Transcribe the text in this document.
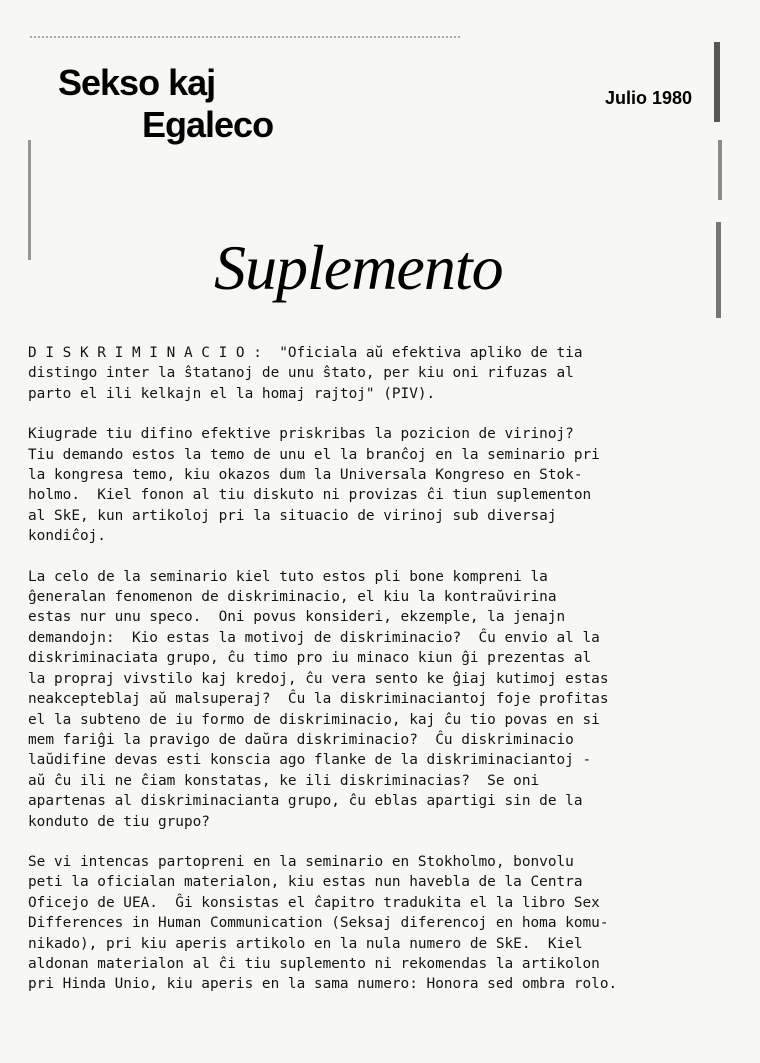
Sekso kaj
Egaleco
Julio 1980
Suplemento
D I S K R I M I N A C I O :  "Oficiala aŭ efektiva apliko de tia
distingo inter la ŝtatanoj de unu ŝtato, per kiu oni rifuzas al
parto el ili kelkajn el la homaj rajtoj" (PIV).
Kiugrade tiu difino efektive priskribas la pozicion de virinoj?
Tiu demando estos la temo de unu el la branĉoj en la seminario pri
la kongresa temo, kiu okazos dum la Universala Kongreso en Stok-
holmo.  Kiel fonon al tiu diskuto ni provizas ĉi tiun suplementon
al SkE, kun artikoloj pri la situacio de virinoj sub diversaj
kondiĉoj.
La celo de la seminario kiel tuto estos pli bone kompreni la
ĝeneralan fenomenon de diskriminacio, el kiu la kontraŭvirina
estas nur unu speco.  Oni povus konsideri, ekzemple, la jenajn
demandojn:  Kio estas la motivoj de diskriminacio?  Ĉu envio al la
diskriminaciata grupo, ĉu timo pro iu minaco kiun ĝi prezentas al
la propraj vivstilo kaj kredoj, ĉu vera sento ke ĝiaj kutimoj estas
neakcepteblaj aŭ malsuperaj?  Ĉu la diskriminaciantoj foje profitas
el la subteno de iu formo de diskriminacio, kaj ĉu tio povas en si
mem fariĝi la pravigo de daŭra diskriminacio?  Ĉu diskriminacio
laŭdifine devas esti konscia ago flanke de la diskriminaciantoj -
aŭ ĉu ili ne ĉiam konstatas, ke ili diskriminacias?  Se oni
apartenas al diskriminacianta grupo, ĉu eblas apartigi sin de la
konduto de tiu grupo?
Se vi intencas partopreni en la seminario en Stokholmo, bonvolu
peti la oficialan materialon, kiu estas nun havebla de la Centra
Oficejo de UEA.  Ĝi konsistas el ĉapitro tradukita el la libro Sex
Differences in Human Communication (Seksaj diferencoj en homa komu-
nikado), pri kiu aperis artikolo en la nula numero de SkE.  Kiel
aldonan materialon al ĉi tiu suplemento ni rekomendas la artikolon
pri Hinda Unio, kiu aperis en la sama numero: Honora sed ombra rolo.
